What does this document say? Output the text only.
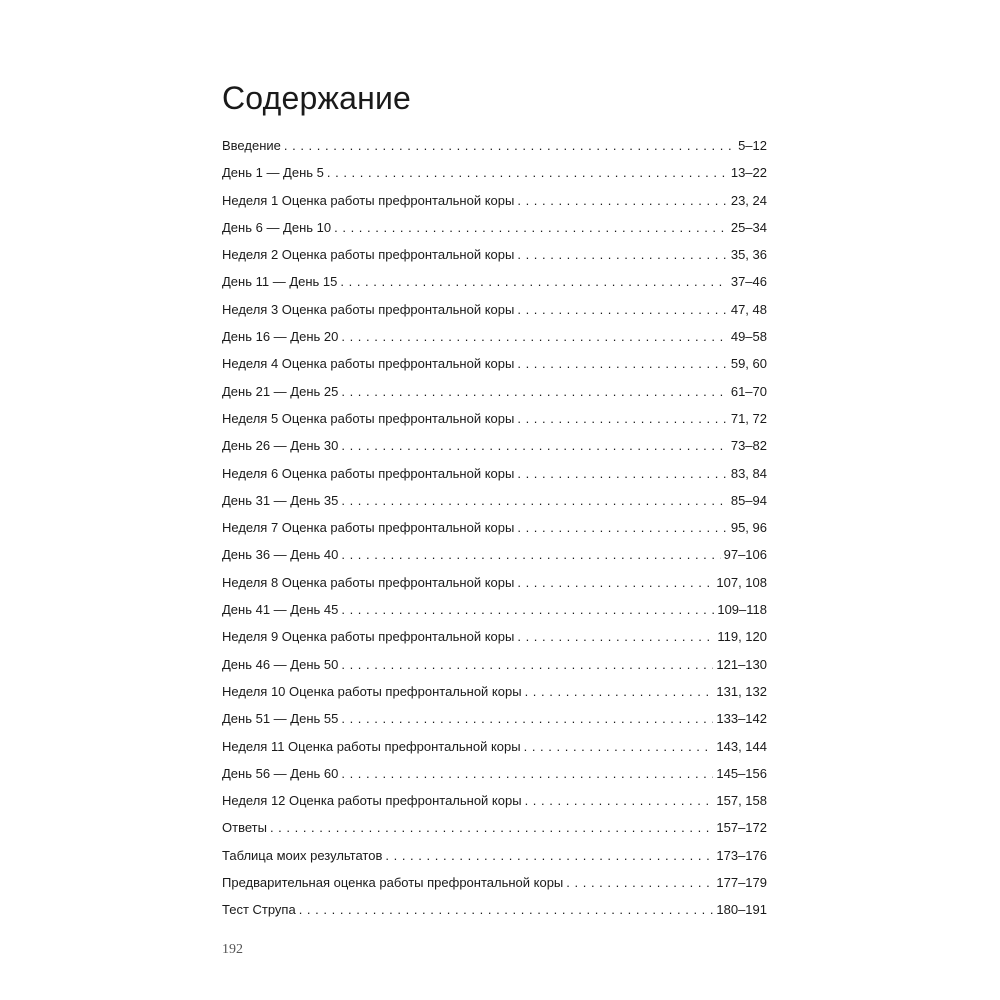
Содержание
Введение . . .	5–12
День 1 — День 5 . . .	13–22
Неделя 1 Оценка работы префронтальной коры . . .	23, 24
День 6 — День 10 . . .	25–34
Неделя 2 Оценка работы префронтальной коры . . .	35, 36
День 11 — День 15 . . .	37–46
Неделя 3 Оценка работы префронтальной коры . . .	47, 48
День 16 — День 20 . . .	49–58
Неделя 4 Оценка работы префронтальной коры . . .	59, 60
День 21 — День 25 . . .	61–70
Неделя 5 Оценка работы префронтальной коры . . .	71, 72
День 26 — День 30 . . .	73–82
Неделя 6 Оценка работы префронтальной коры . . .	83, 84
День 31 — День 35 . . .	85–94
Неделя 7 Оценка работы префронтальной коры . . .	95, 96
День 36 — День 40 . . .	97–106
Неделя 8 Оценка работы префронтальной коры . . .	107, 108
День 41 — День 45 . . .	109–118
Неделя 9 Оценка работы префронтальной коры . . .	119, 120
День 46 — День 50 . . .	121–130
Неделя 10 Оценка работы префронтальной коры . . .	131, 132
День 51 — День 55 . . .	133–142
Неделя 11 Оценка работы префронтальной коры . . .	143, 144
День 56 — День 60 . . .	145–156
Неделя 12 Оценка работы префронтальной коры . . .	157, 158
Ответы . . .	157–172
Таблица моих результатов . . .	173–176
Предварительная оценка работы префронтальной коры . . .	177–179
Тест Струпа . . .	180–191
192
